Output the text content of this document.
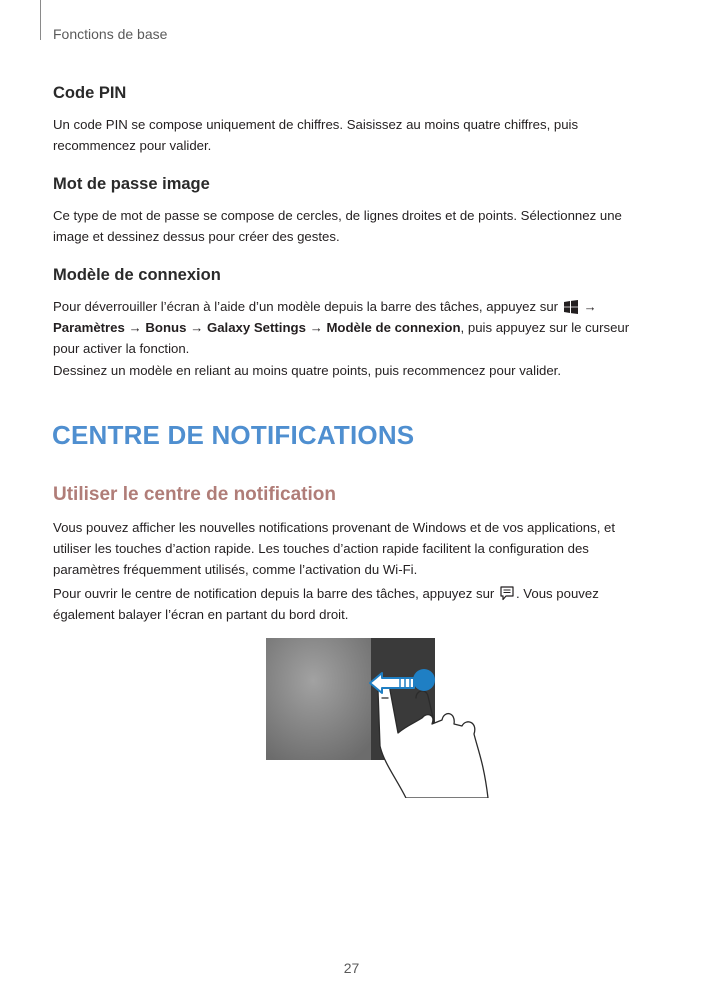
Fonctions de base
Code PIN

Un code PIN se compose uniquement de chiffres. Saisissez au moins quatre chiffres, puis recommencez pour valider.

Mot de passe image

Ce type de mot de passe se compose de cercles, de lignes droites et de points. Sélectionnez une image et dessinez dessus pour créer des gestes.

Modèle de connexion

Pour déverrouiller l’écran à l’aide d’un modèle depuis la barre des tâches, appuyez sur → Paramètres → Bonus → Galaxy Settings → Modèle de connexion, puis appuyez sur le curseur pour activer la fonction.

Dessinez un modèle en reliant au moins quatre points, puis recommencez pour valider.

CENTRE DE NOTIFICATIONS
Utiliser le centre de notification

Vous pouvez afficher les nouvelles notifications provenant de Windows et de vos applications, et utiliser les touches d’action rapide. Les touches d’action rapide facilitent la configuration des paramètres fréquemment utilisés, comme l’activation du Wi-Fi.

Pour ouvrir le centre de notification depuis la barre des tâches, appuyez sur . Vous pouvez également balayer l’écran en partant du bord droit.

27
